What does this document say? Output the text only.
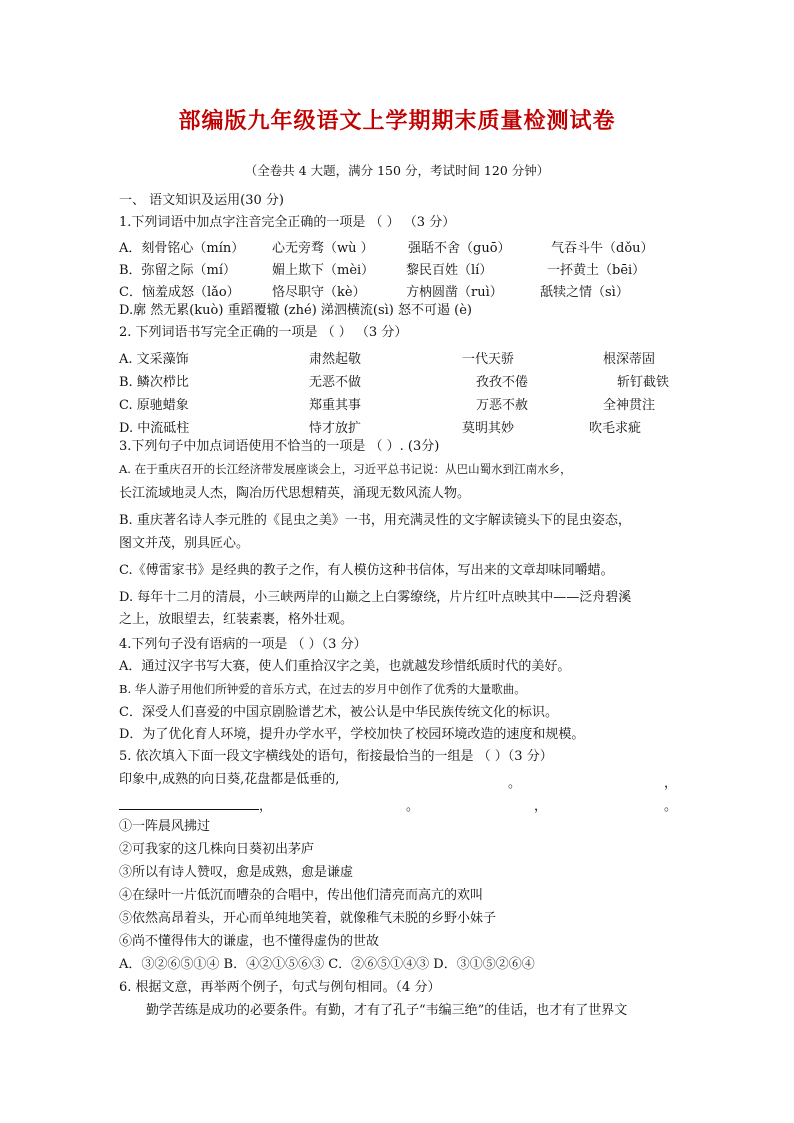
部编版九年级语文上学期期末质量检测试卷
（全卷共 4 大题，满分 150 分，考试时间 120 分钟）
一、 语文知识及运用(30 分)
1.下列词语中加点字注音完全正确的一项是 （ ） （3 分）
A．刻骨铭心（mín） 心无旁骛（wù ）	强聒不舍（guō）	气吞斗牛（dǒu）
B．弥留之际（mí）	媚上欺下（mèi） 黎民百姓（lí）	一抔黄土（bēi）
C．恼羞成怒（lǎo） 恪尽职守（kè）	方枘圆凿（ruì）	舐犊之情（sì）
D.廓 然无累(kuò) 重蹈覆辙 (zhé) 涕泗横流(sì) 怒不可遏 (è)
2. 下列词语书写完全正确的一项是 （ ） （3 分）
A. 文采藻饰	肃然起敬	一代天骄	根深蒂固
B. 鳞次栉比	无恶不做	孜孜不倦	斩钉截铁
C. 原驰蜡象	郑重其事	万恶不赦	全神贯注
D. 中流砥柱	恃才放扩	莫明其妙	吹毛求疵
3.下列句子中加点词语使用不恰当的一项是 （ ）. (3分)
A. 在于重庆召开的长江经济带发展座谈会上，习近平总书记说：从巴山蜀水到江南水乡，
长江流域地灵人杰，陶冶历代思想精英，涌现无数风流人物。
B. 重庆著名诗人李元胜的《昆虫之美》一书，用充满灵性的文字解读镜头下的昆虫姿态，
图文并茂，别具匠心。
C.《傅雷家书》是经典的教子之作，有人模仿这种书信体，写出来的文章却味同嚼蜡。
D. 每年十二月的清晨，小三峡两岸的山巅之上白雾缭绕，片片红叶点映其中——泛舟碧溪
之上，放眼望去，红装素裹，格外壮观。
4.下列句子没有语病的一项是 （ ）（3 分）
A．通过汉字书写大赛，使人们重拾汉字之美，也就越发珍惜纸质时代的美好。
B. 华人游子用他们所钟爱的音乐方式，在过去的岁月中创作了优秀的大量歌曲。
C．深受人们喜爱的中国京剧脸谱艺术，被公认是中华民族传统文化的标识。
D．为了优化育人环境，提升办学水平，学校加快了校园环境改造的速度和规模。
5. 依次填入下面一段文字横线处的语句，衔接最恰当的一组是 （ ）（3 分）
印象中,成熟的向日葵,花盘都是低垂的,	。	，
，	。	，	。
①一阵晨风拂过
②可我家的这几株向日葵初出茅庐
③所以有诗人赞叹，愈是成熟，愈是谦虚
④在绿叶一片低沉而嘈杂的合唱中，传出他们清亮而高亢的欢叫
⑤依然高昂着头，开心而单纯地笑着，就像稚气未脱的乡野小妹子
⑥尚不懂得伟大的谦虚，也不懂得虚伪的世故
A．③②⑥⑤①④ B．④②①⑤⑥③ C．②⑥⑤①④③ D．③①⑤②⑥④
6. 根据文意，再举两个例子，句式与例句相同。（4 分）
勤学苦练是成功的必要条件。有勤，才有了孔子“韦编三绝”的佳话，也才有了世界文
